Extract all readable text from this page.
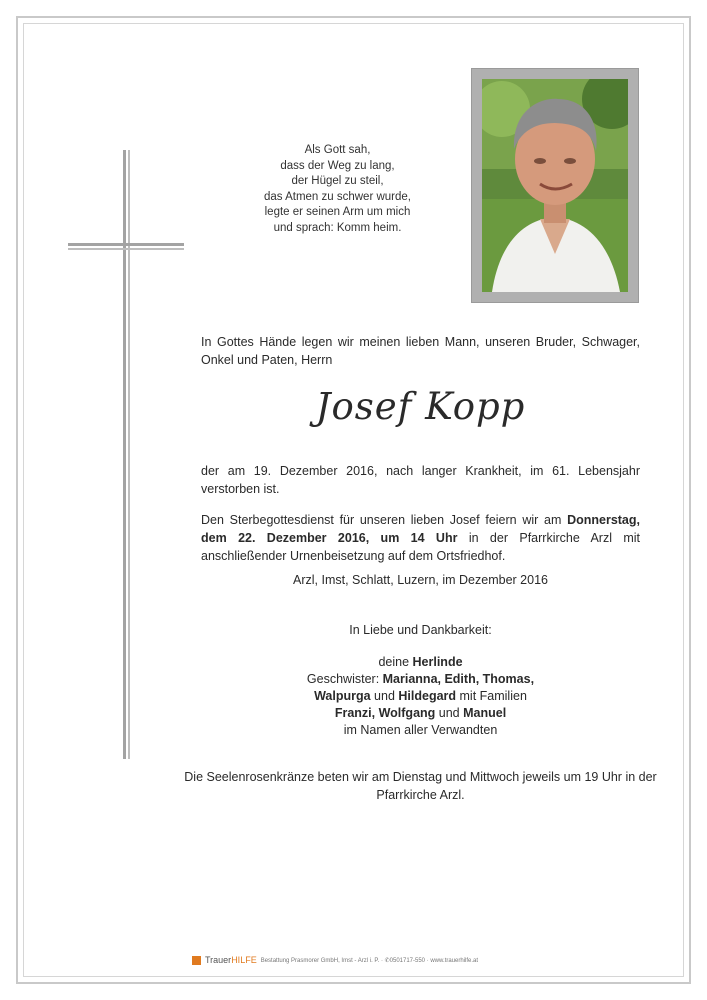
Als Gott sah,
dass der Weg zu lang,
der Hügel zu steil,
das Atmen zu schwer wurde,
legte er seinen Arm um mich
und sprach: Komm heim.
In Gottes Hände legen wir meinen lieben Mann, unseren Bruder, Schwager, Onkel und Paten, Herrn
Josef Kopp
der am 19. Dezember 2016, nach langer Krankheit, im 61. Lebensjahr verstorben ist.
Den Sterbegottesdienst für unseren lieben Josef feiern wir am Donnerstag, dem 22. Dezember 2016, um 14 Uhr in der Pfarrkirche Arzl mit anschließender Urnenbeisetzung auf dem Ortsfriedhof.
Arzl, Imst, Schlatt, Luzern, im Dezember 2016
In Liebe und Dankbarkeit:
deine Herlinde
Geschwister: Marianna, Edith, Thomas,
Walpurga und Hildegard mit Familien
Franzi, Wolfgang und Manuel
im Namen aller Verwandten
Die Seelenrosenkränze beten wir am Dienstag und Mittwoch jeweils um 19 Uhr in der Pfarrkirche Arzl.
TrauerHILFE Bestattung Prasmorer GmbH, Imst - Arzl i. P. · ✆0501717-550 · www.trauerhilfe.at
